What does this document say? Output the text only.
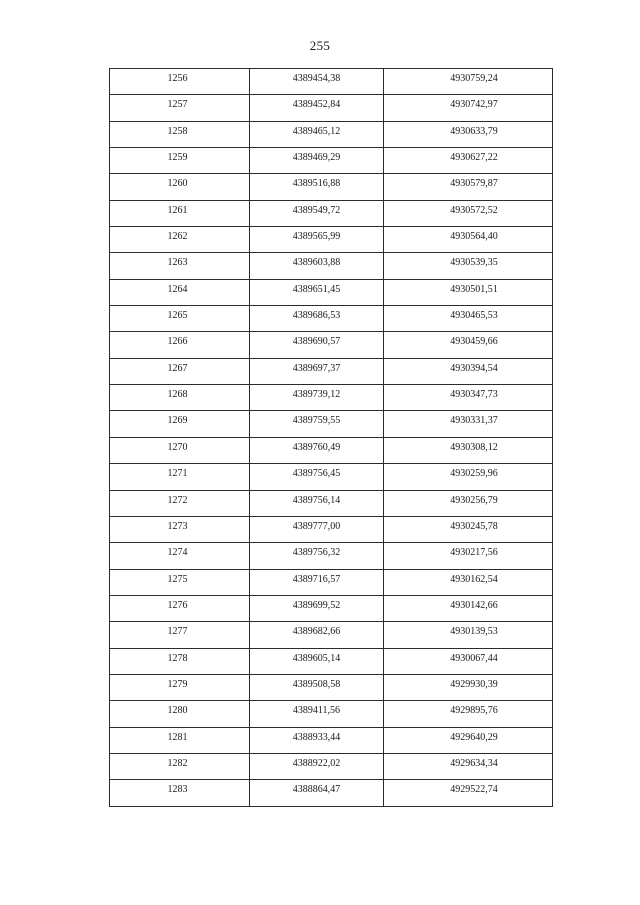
255
1256	4389454,38	4930759,24
1257	4389452,84	4930742,97
1258	4389465,12	4930633,79
1259	4389469,29	4930627,22
1260	4389516,88	4930579,87
1261	4389549,72	4930572,52
1262	4389565,99	4930564,40
1263	4389603,88	4930539,35
1264	4389651,45	4930501,51
1265	4389686,53	4930465,53
1266	4389690,57	4930459,66
1267	4389697,37	4930394,54
1268	4389739,12	4930347,73
1269	4389759,55	4930331,37
1270	4389760,49	4930308,12
1271	4389756,45	4930259,96
1272	4389756,14	4930256,79
1273	4389777,00	4930245,78
1274	4389756,32	4930217,56
1275	4389716,57	4930162,54
1276	4389699,52	4930142,66
1277	4389682,66	4930139,53
1278	4389605,14	4930067,44
1279	4389508,58	4929930,39
1280	4389411,56	4929895,76
1281	4388933,44	4929640,29
1282	4388922,02	4929634,34
1283	4388864,47	4929522,74
